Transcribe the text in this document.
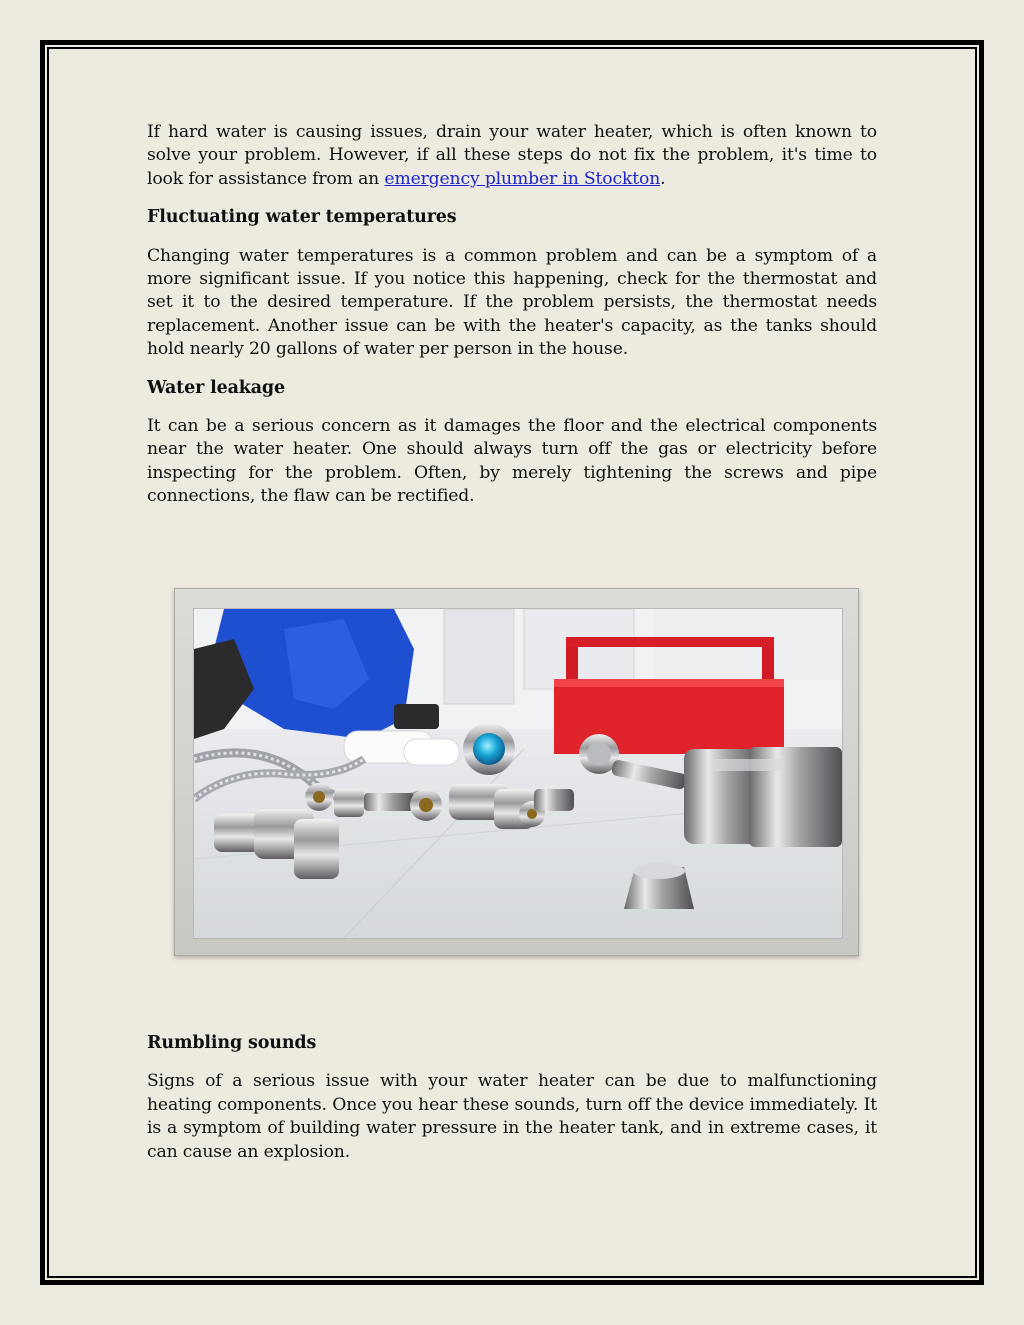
If hard water is causing issues, drain your water heater, which is often known to solve your problem. However, if all these steps do not fix the problem, it's time to look for assistance from an emergency plumber in Stockton.

Fluctuating water temperatures

Changing water temperatures is a common problem and can be a symptom of a more significant issue. If you notice this happening, check for the thermostat and set it to the desired temperature. If the problem persists, the thermostat needs replacement. Another issue can be with the heater's capacity, as the tanks should hold nearly 20 gallons of water per person in the house.

Water leakage

It can be a serious concern as it damages the floor and the electrical components near the water heater. One should always turn off the gas or electricity before inspecting for the problem. Often, by merely tightening the screws and pipe connections, the flaw can be rectified.

Rumbling sounds

Signs of a serious issue with your water heater can be due to malfunctioning heating components. Once you hear these sounds, turn off the device immediately. It is a symptom of building water pressure in the heater tank, and in extreme cases, it can cause an explosion.
